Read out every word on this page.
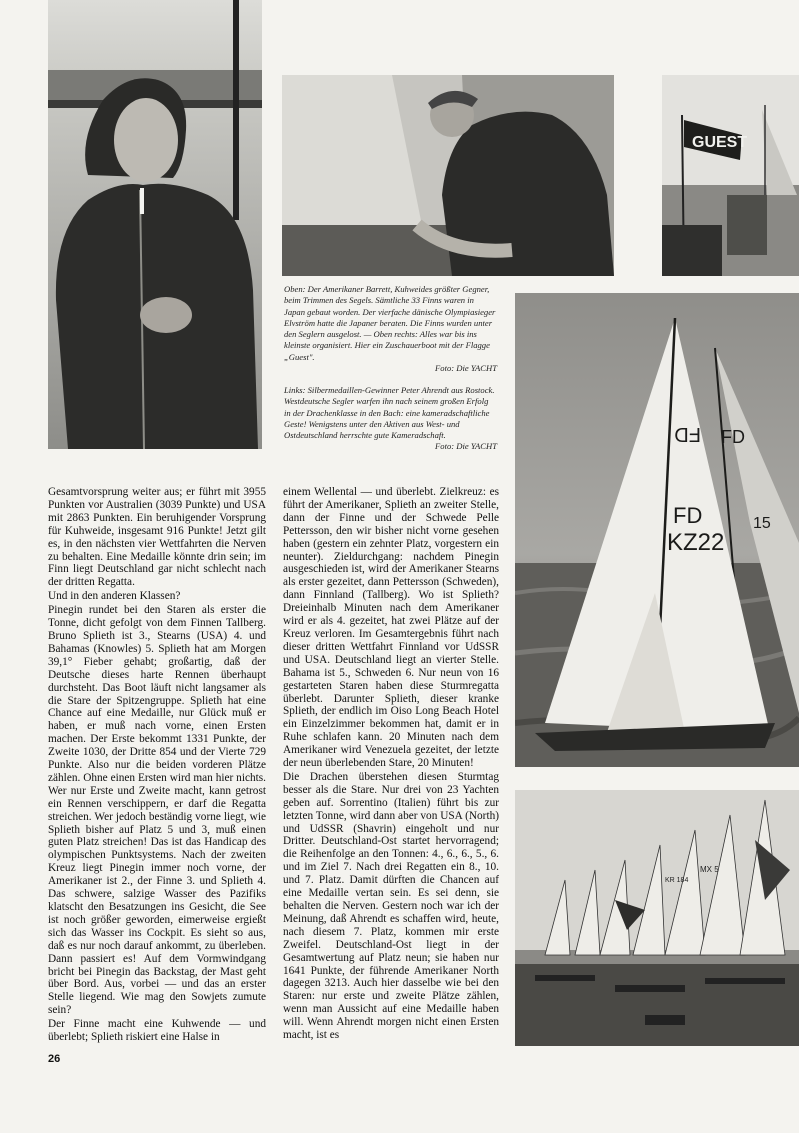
GUEST
FD
FD
KZ22
FD
15
MX 5
KR 184

Oben: Der Amerikaner Barrett, Kuhweides größter Gegner, beim Trimmen des Segels. Sämtliche 33 Finns waren in Japan gebaut worden. Der vierfache dänische Olympiasieger Elvström hatte die Japaner beraten. Die Finns wurden unter den Seglern ausgelost. — Oben rechts: Alles war bis ins kleinste organisiert. Hier ein Zuschauerboot mit der Flagge „Guest".
Foto: Die YACHT

Links: Silbermedaillen-Gewinner Peter Ahrendt aus Rostock. Westdeutsche Segler warfen ihn nach seinem großen Erfolg in der Drachenklasse in den Bach: eine kameradschaftliche Geste! Wenigstens unter den Aktiven aus West- und Ostdeutschland herrschte gute Kameradschaft.
Foto: Die YACHT

Gesamtvorsprung weiter aus; er führt mit 3955 Punkten vor Australien (3039 Punkte) und USA mit 2863 Punkten. Ein beruhigender Vorsprung für Kuhweide, insgesamt 916 Punkte! Jetzt gilt es, in den nächsten vier Wettfahrten die Nerven zu behalten. Eine Medaille könnte drin sein; im Finn liegt Deutschland gar nicht schlecht nach der dritten Regatta.

Und in den anderen Klassen?

Pinegin rundet bei den Staren als erster die Tonne, dicht gefolgt von dem Finnen Tallberg. Bruno Splieth ist 3., Stearns (USA) 4. und Bahamas (Knowles) 5. Splieth hat am Morgen 39,1° Fieber gehabt; großartig, daß der Deutsche dieses harte Rennen überhaupt durchsteht. Das Boot läuft nicht langsamer als die Stare der Spitzengruppe. Splieth hat eine Chance auf eine Medaille, nur Glück muß er haben, er muß nach vorne, einen Ersten machen. Der Erste bekommt 1331 Punkte, der Zweite 1030, der Dritte 854 und der Vierte 729 Punkte. Also nur die beiden vorderen Plätze zählen. Ohne einen Ersten wird man hier nichts. Wer nur Erste und Zweite macht, kann getrost ein Rennen verschippern, er darf die Regatta streichen. Wer jedoch beständig vorne liegt, wie Splieth bisher auf Platz 5 und 3, muß einen guten Platz streichen! Das ist das Handicap des olympischen Punktsystems. Nach der zweiten Kreuz liegt Pinegin immer noch vorne, der Amerikaner ist 2., der Finne 3. und Splieth 4. Das schwere, salzige Wasser des Pazifiks klatscht den Besatzungen ins Gesicht, die See ist noch größer geworden, eimerweise ergießt sich das Wasser ins Cockpit. Es sieht so aus, daß es nur noch darauf ankommt, zu überleben. Dann passiert es! Auf dem Vormwindgang bricht bei Pinegin das Backstag, der Mast geht über Bord. Aus, vorbei — und das an erster Stelle liegend. Wie mag den Sowjets zumute sein?

Der Finne macht eine Kuhwende — und überlebt; Splieth riskiert eine Halse in

einem Wellental — und überlebt. Zielkreuz: es führt der Amerikaner, Splieth an zweiter Stelle, dann der Finne und der Schwede Pelle Pettersson, den wir bisher nicht vorne gesehen haben (gestern ein zehnter Platz, vorgestern ein neunter). Zieldurchgang: nachdem Pinegin ausgeschieden ist, wird der Amerikaner Stearns als erster gezeitet, dann Pettersson (Schweden), dann Finnland (Tallberg). Wo ist Splieth? Dreieinhalb Minuten nach dem Amerikaner wird er als 4. gezeitet, hat zwei Plätze auf der Kreuz verloren. Im Gesamtergebnis führt nach dieser dritten Wettfahrt Finnland vor UdSSR und USA. Deutschland liegt an vierter Stelle. Bahama ist 5., Schweden 6. Nur neun von 16 gestarteten Staren haben diese Sturmregatta überlebt. Darunter Splieth, dieser kranke Splieth, der endlich im Oiso Long Beach Hotel ein Einzelzimmer bekommen hat, damit er in Ruhe schlafen kann. 20 Minuten nach dem Amerikaner wird Venezuela gezeitet, der letzte der neun überlebenden Stare, 20 Minuten!

Die Drachen überstehen diesen Sturmtag besser als die Stare. Nur drei von 23 Yachten geben auf. Sorrentino (Italien) führt bis zur letzten Tonne, wird dann aber von USA (North) und UdSSR (Shavrin) eingeholt und nur Dritter. Deutschland-Ost startet hervorragend; die Reihenfolge an den Tonnen: 4., 6., 6., 5., 6. und im Ziel 7. Nach drei Regatten ein 8., 10. und 7. Platz. Damit dürften die Chancen auf eine Medaille vertan sein. Es sei denn, sie behalten die Nerven. Gestern noch war ich der Meinung, daß Ahrendt es schaffen wird, heute, nach diesem 7. Platz, kommen mir erste Zweifel. Deutschland-Ost liegt in der Gesamtwertung auf Platz neun; sie haben nur 1641 Punkte, der führende Amerikaner North dagegen 3213. Auch hier dasselbe wie bei den Staren: nur erste und zweite Plätze zählen, wenn man Aussicht auf eine Medaille haben will. Wenn Ahrendt morgen nicht einen Ersten macht, ist es

26
